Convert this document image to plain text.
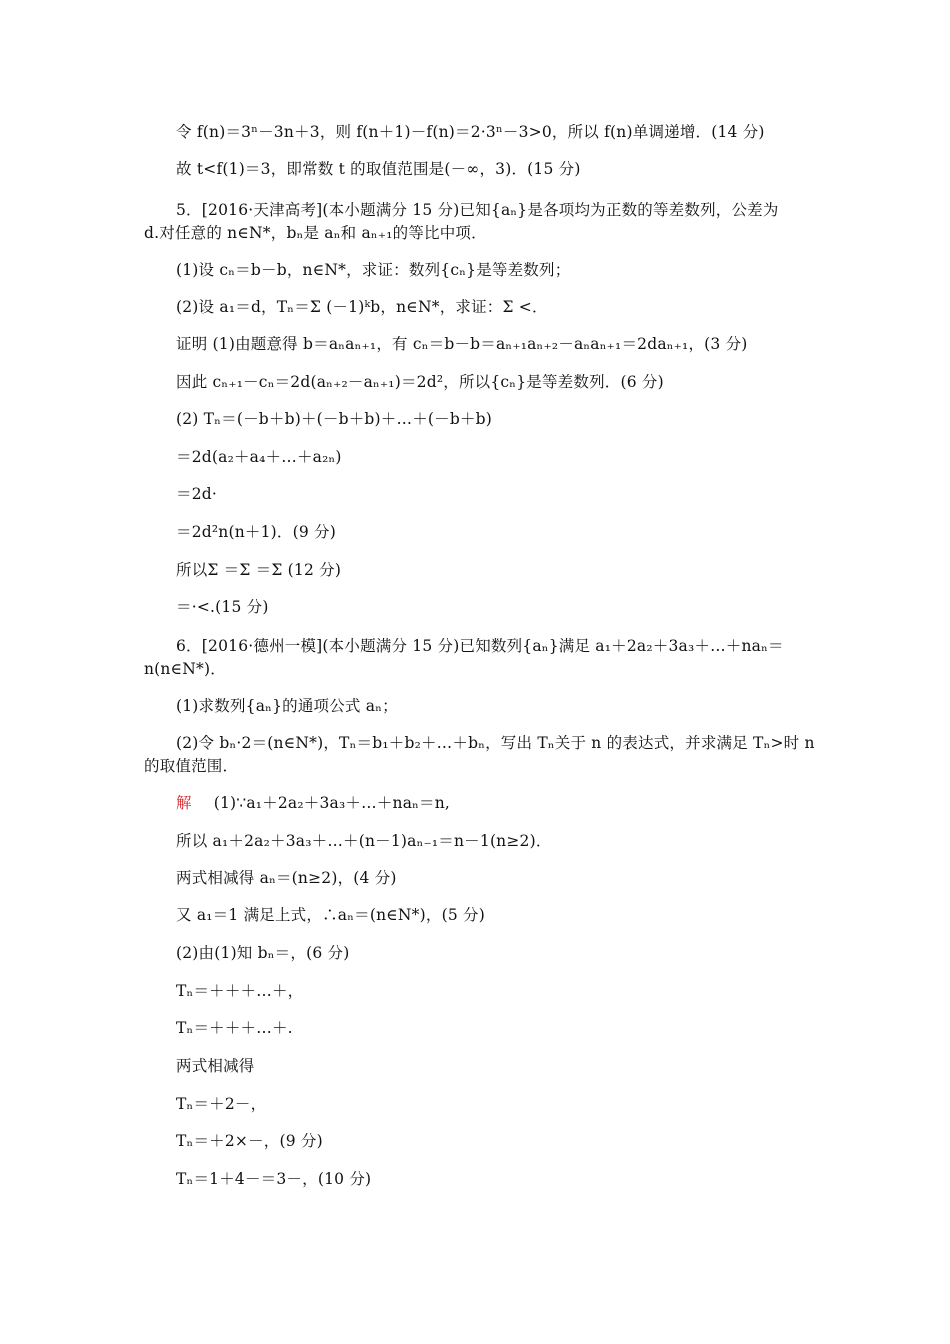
令 f(n)＝3ⁿ－3n＋3，则 f(n＋1)－f(n)＝2·3ⁿ－3>0，所以 f(n)单调递增．(14 分)
故 t<f(1)＝3，即常数 t 的取值范围是(－∞，3)．(15 分)
5．[2016·天津高考](本小题满分 15 分)已知{aₙ}是各项均为正数的等差数列，公差为
d.对任意的 n∈N*，bₙ是 aₙ和 aₙ₊₁的等比中项．
(1)设 cₙ＝b－b，n∈N*，求证：数列{cₙ}是等差数列；
(2)设 a₁＝d，Tₙ＝Σ (－1)ᵏb，n∈N*，求证：Σ <．
证明 (1)由题意得 b＝aₙaₙ₊₁，有 cₙ＝b－b＝aₙ₊₁aₙ₊₂－aₙaₙ₊₁＝2daₙ₊₁，(3 分)
因此 cₙ₊₁－cₙ＝2d(aₙ₊₂－aₙ₊₁)＝2d²，所以{cₙ}是等差数列．(6 分)
(2) Tₙ＝(－b＋b)＋(－b＋b)＋…＋(－b＋b)
＝2d(a₂＋a₄＋…＋a₂ₙ)
＝2d·
＝2d²n(n＋1)．(9 分)
所以Σ ＝Σ ＝Σ (12 分)
＝·<.(15 分)
6．[2016·德州一模](本小题满分 15 分)已知数列{aₙ}满足 a₁＋2a₂＋3a₃＋…＋naₙ＝
n(n∈N*)．
(1)求数列{aₙ}的通项公式 aₙ；
(2)令 bₙ·2＝(n∈N*)，Tₙ＝b₁＋b₂＋…＋bₙ，写出 Tₙ关于 n 的表达式，并求满足 Tₙ>时 n
的取值范围．
解 (1)∵a₁＋2a₂＋3a₃＋…＋naₙ＝n,
所以 a₁＋2a₂＋3a₃＋…＋(n－1)aₙ₋₁＝n－1(n≥2)．
两式相减得 aₙ＝(n≥2)，(4 分)
又 a₁＝1 满足上式，∴aₙ＝(n∈N*)，(5 分)
(2)由(1)知 bₙ＝，(6 分)
Tₙ＝＋＋＋…＋，
Tₙ＝＋＋＋…＋.
两式相减得
Tₙ＝＋2－，
Tₙ＝＋2×－，(9 分)
Tₙ＝1＋4－＝3－，(10 分)
